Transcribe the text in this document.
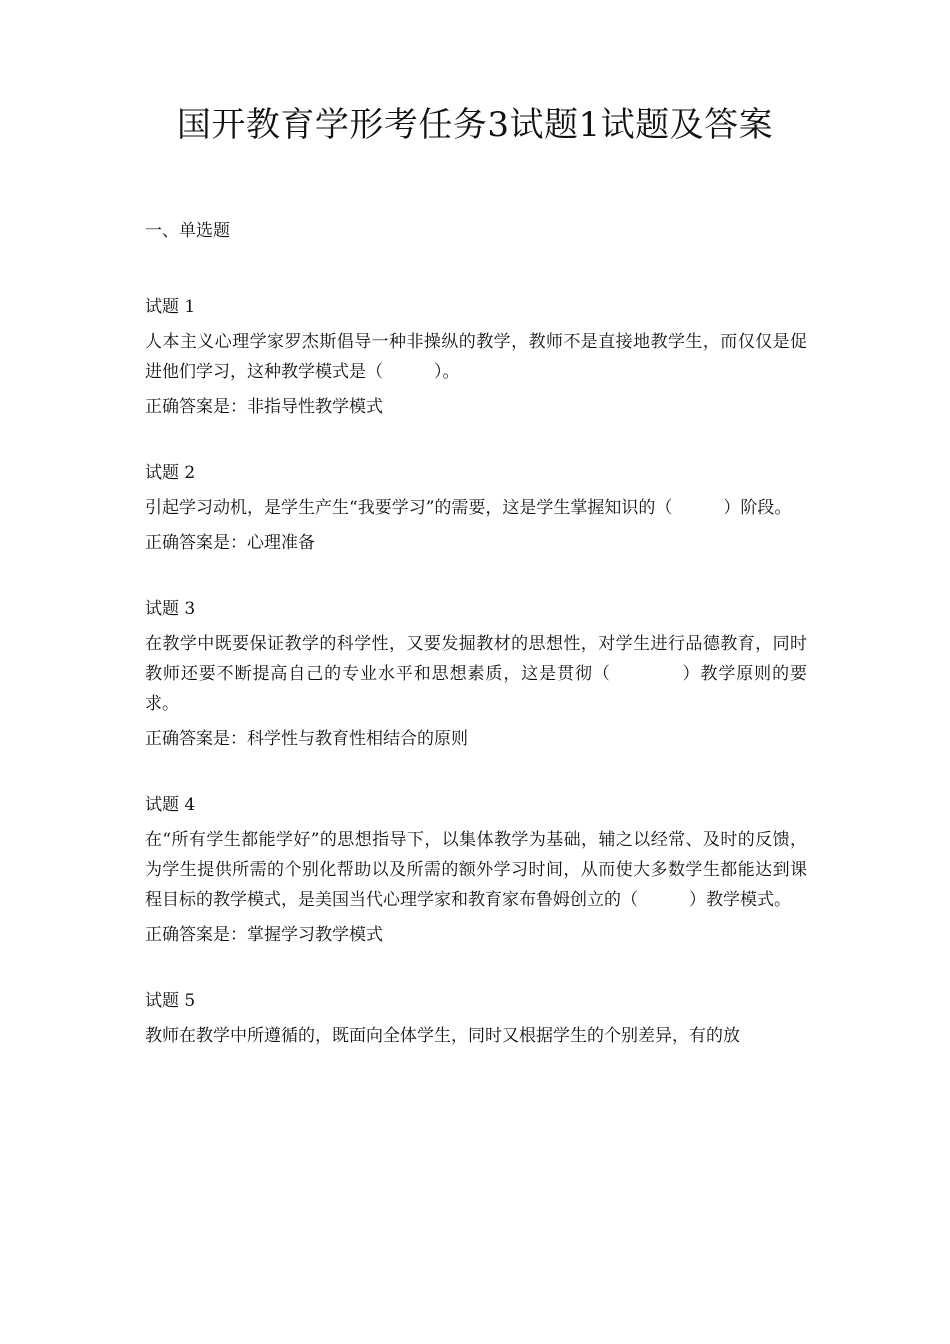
国开教育学形考任务3试题1试题及答案
一、单选题
试题 1
人本主义心理学家罗杰斯倡导一种非操纵的教学，教师不是直接地教学生，而仅仅是促进他们学习，这种教学模式是（　　　）。
正确答案是：非指导性教学模式
试题 2
引起学习动机，是学生产生“我要学习”的需要，这是学生掌握知识的（　　　）阶段。
正确答案是：心理准备
试题 3
在教学中既要保证教学的科学性，又要发掘教材的思想性，对学生进行品德教育，同时教师还要不断提高自己的专业水平和思想素质，这是贯彻（　　　　）教学原则的要求。
正确答案是：科学性与教育性相结合的原则
试题 4
在“所有学生都能学好”的思想指导下，以集体教学为基础，辅之以经常、及时的反馈，为学生提供所需的个别化帮助以及所需的额外学习时间，从而使大多数学生都能达到课程目标的教学模式，是美国当代心理学家和教育家布鲁姆创立的（　　　）教学模式。
正确答案是：掌握学习教学模式
试题 5
教师在教学中所遵循的，既面向全体学生，同时又根据学生的个别差异，有的放
